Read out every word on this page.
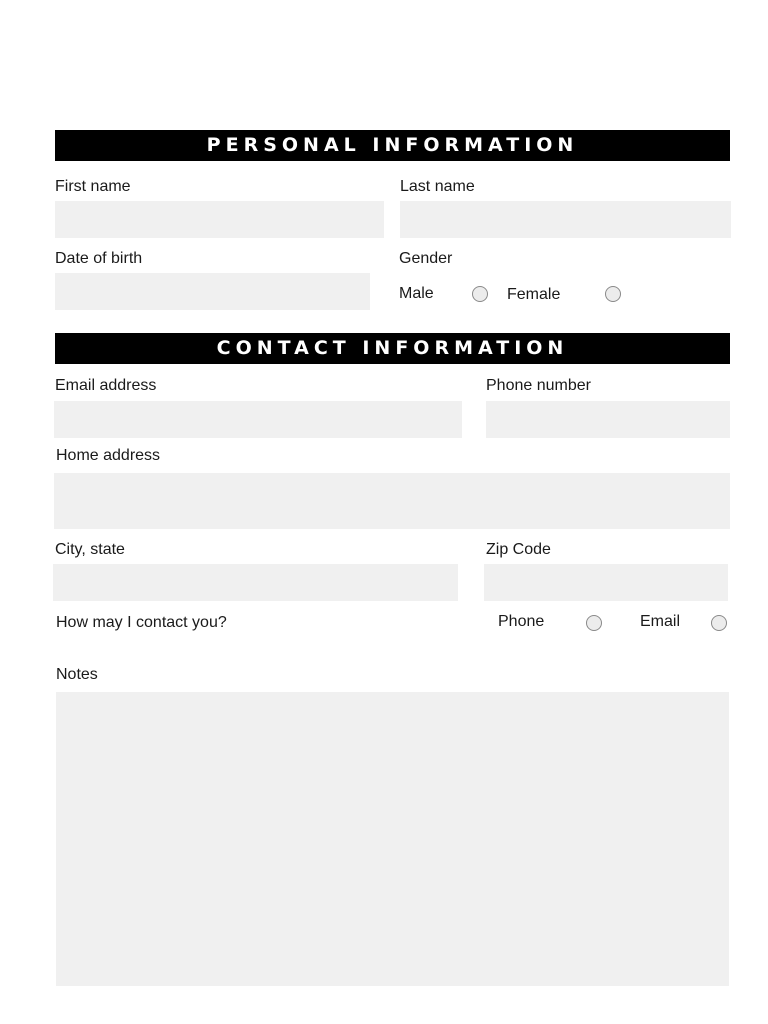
PERSONAL INFORMATION
First name	Last name
Date of birth	Gender
Male	Female
CONTACT INFORMATION
Email address	Phone number
Home address
City, state	Zip Code
How may I contact you?	Phone	Email
Notes
